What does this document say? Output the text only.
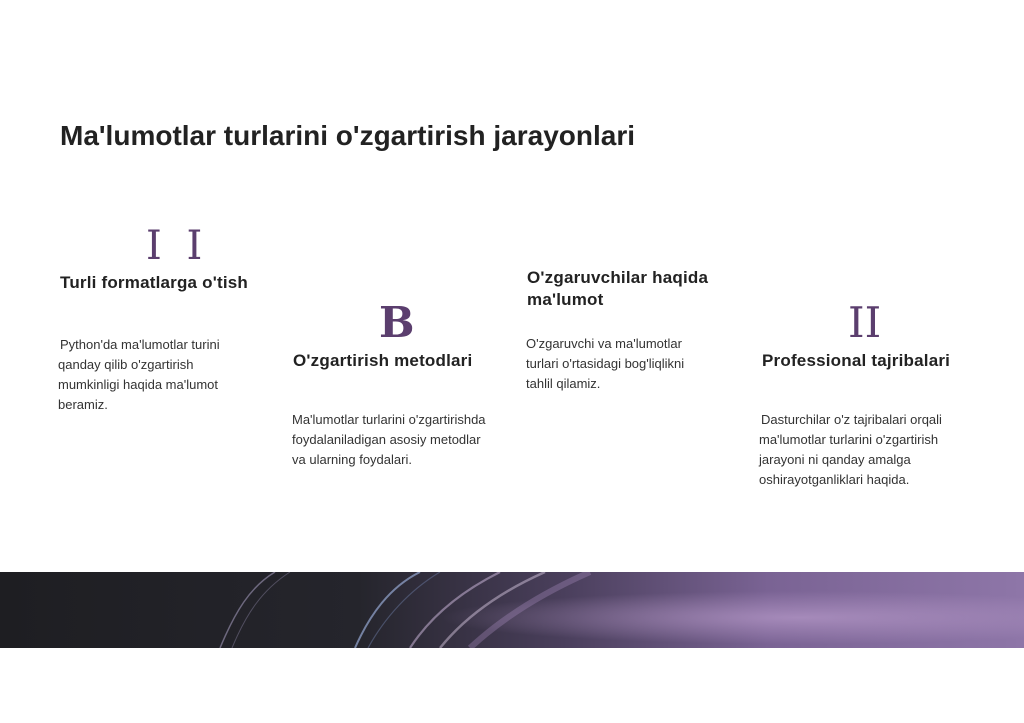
Ma'lumotlar turlarini o'zgartirish jarayonlari
I I
Turli formatlarga o'tish
Python'da ma'lumotlar turini qanday qilib o'zgartirish mumkinligi haqida ma'lumot beramiz.
B
O'zgartirish metodlari
Ma'lumotlar turlarini o'zgartirishda foydalaniladigan asosiy metodlar va ularning foydalari.
O'zgaruvchilar haqida ma'lumot
O'zgaruvchi va ma'lumotlar turlari o'rtasidagi bog'liqlikni tahlil qilamiz.
II
Professional tajribalari
Dasturchilar o'z tajribalari orqali ma'lumotlar turlarini o'zgartirish jarayoni ni qanday amalga oshirayotganliklari haqida.
